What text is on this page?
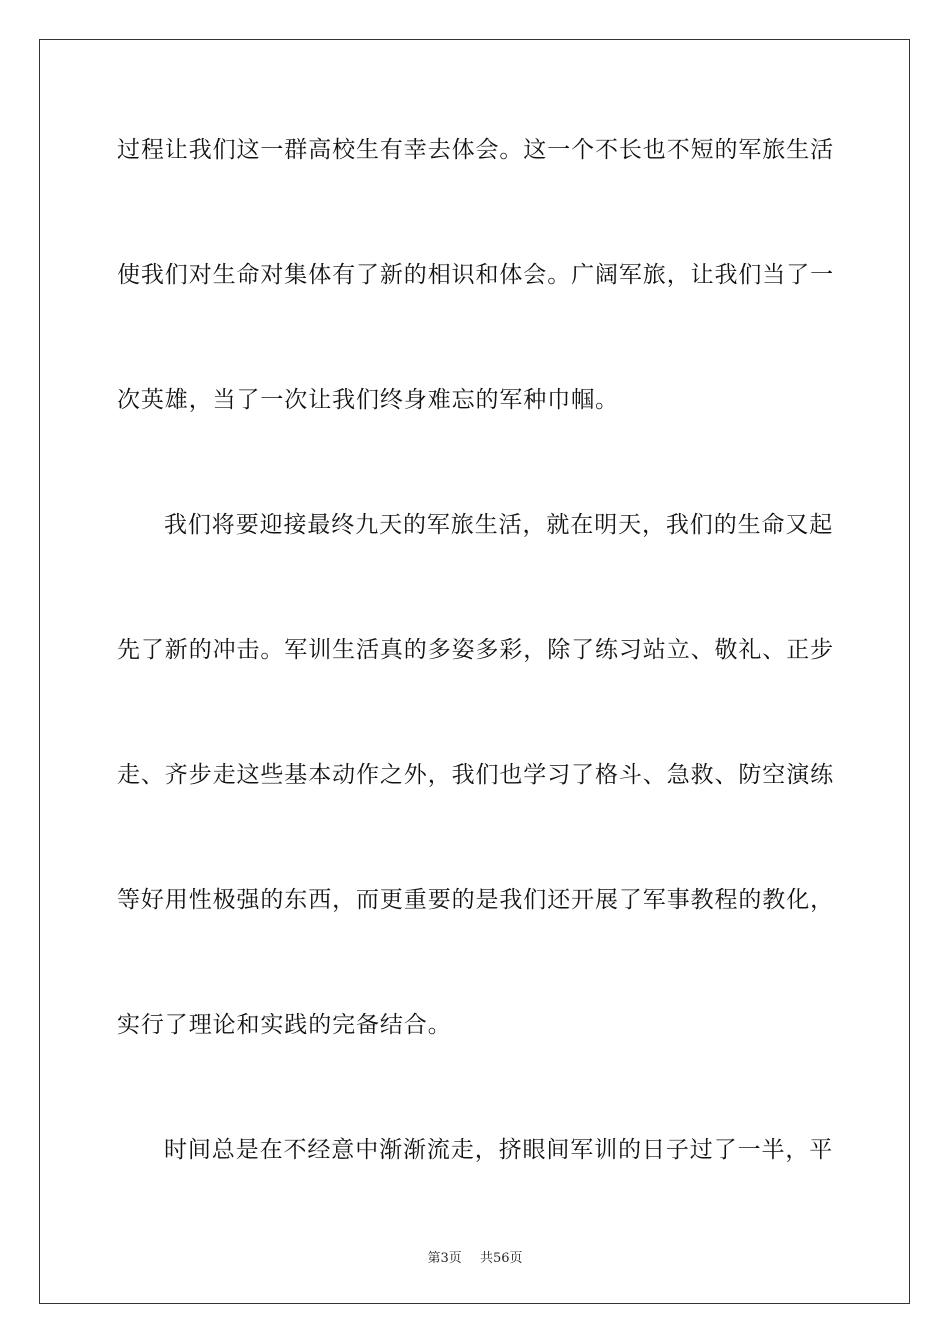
过程让我们这一群高校生有幸去体会。这一个不长也不短的军旅生活
使我们对生命对集体有了新的相识和体会。广阔军旅，让我们当了一
次英雄，当了一次让我们终身难忘的军种巾帼。
我们将要迎接最终九天的军旅生活，就在明天，我们的生命又起
先了新的冲击。军训生活真的多姿多彩，除了练习站立、敬礼、正步
走、齐步走这些基本动作之外，我们也学习了格斗、急救、防空演练
等好用性极强的东西，而更重要的是我们还开展了军事教程的教化，
实行了理论和实践的完备结合。
时间总是在不经意中渐渐流走，挤眼间军训的日子过了一半，平
第3页 共56页
